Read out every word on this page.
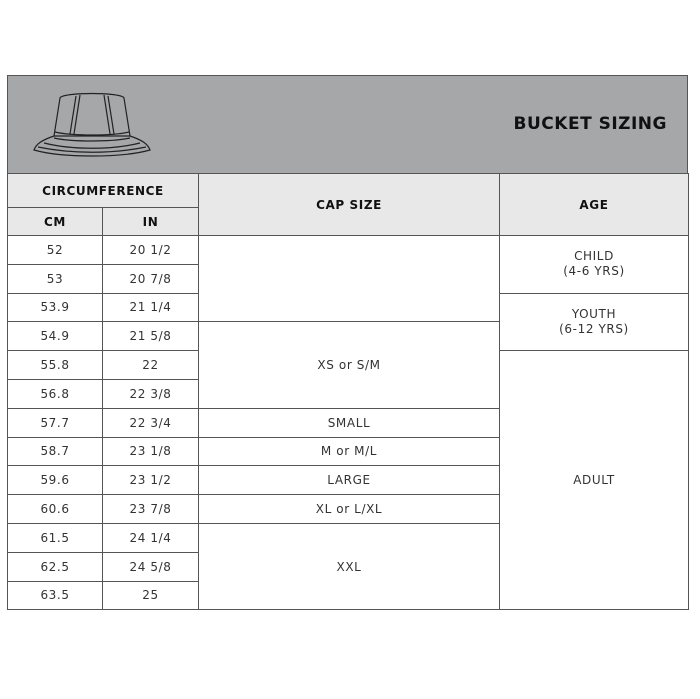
BUCKET SIZING
CIRCUMFERENCE		CAP SIZE	AGE
CM	IN		
52	20 1/2		CHILD
(4-6 YRS)

53	20 7/8		
53.9	21 1/4		YOUTH
(6-12 YRS)

54.9	21 5/8	XS or S/M	
55.8	22		ADULT
56.8	22 3/8		
57.7	22 3/4	SMALL	
58.7	23 1/8	M or M/L	
59.6	23 1/2	LARGE	
60.6	23 7/8	XL or L/XL	
61.5	24 1/4	XXL	
62.5	24 5/8		
63.5	25		
